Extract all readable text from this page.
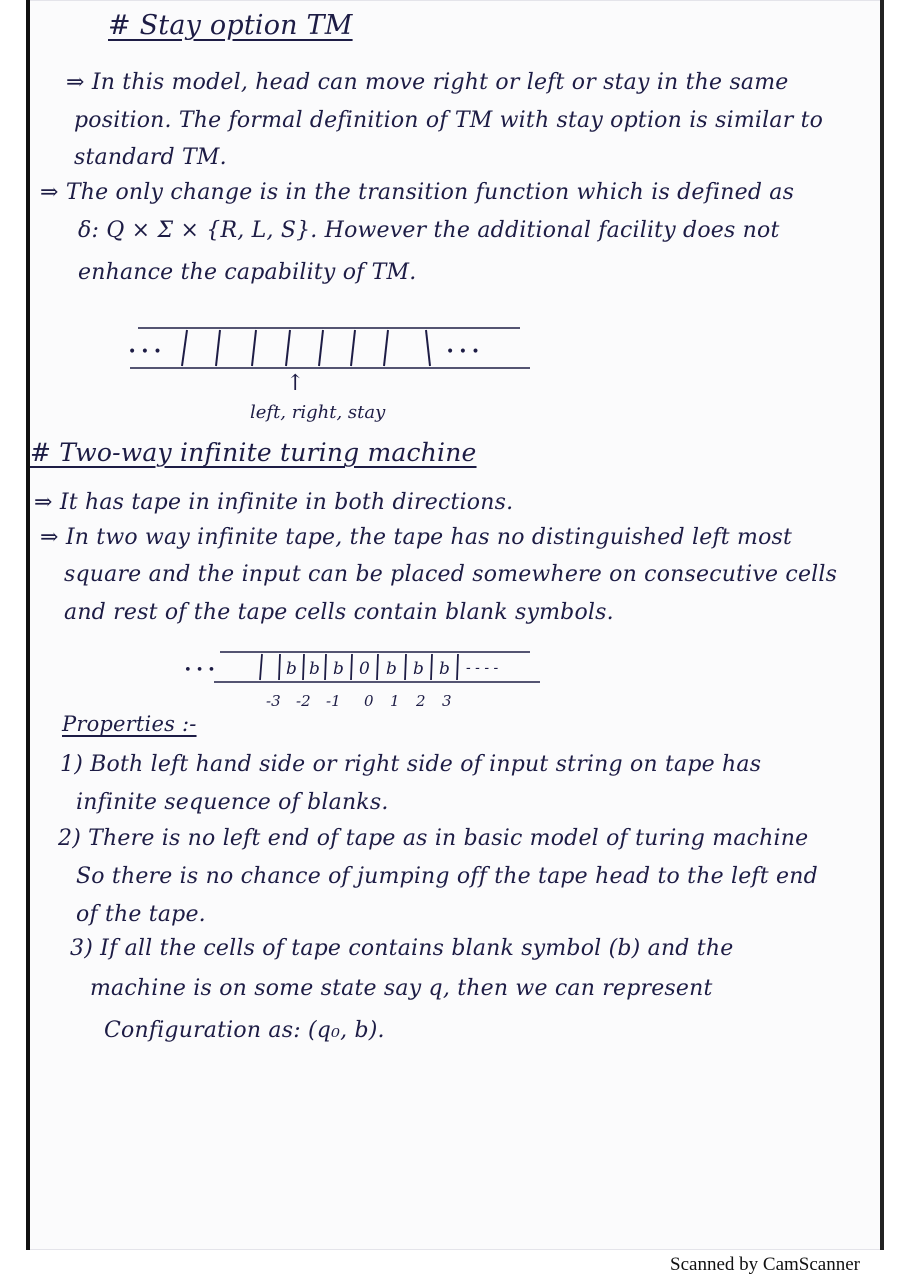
# Stay option TM
⇒ In this model, head can move right or left or stay in the same
position. The formal definition of TM with stay option is similar to
standard TM.
⇒ The only change is in the transition function which is defined as
δ: Q × Σ × {R, L, S}. However the additional facility does not
enhance the capability of TM.
• • •	• • •
↑
left, right, stay
# Two-way infinite turing machine
⇒ It has tape in infinite in both directions.
⇒ In two way infinite tape, the tape has no distinguished left most
square and the input can be placed somewhere on consecutive cells
and rest of the tape cells contain blank symbols.
• • •	b b b 0 b b b - - - -
-3 -2 -1 0 1 2 3
Properties :-
1) Both left hand side or right side of input string on tape has
infinite sequence of blanks.
2) There is no left end of tape as in basic model of turing machine
So there is no chance of jumping off the tape head to the left end
of the tape.
3) If all the cells of tape contains blank symbol (b) and the
machine is on some state say q, then we can represent
Configuration as: (q₀, b).
Scanned by CamScanner
